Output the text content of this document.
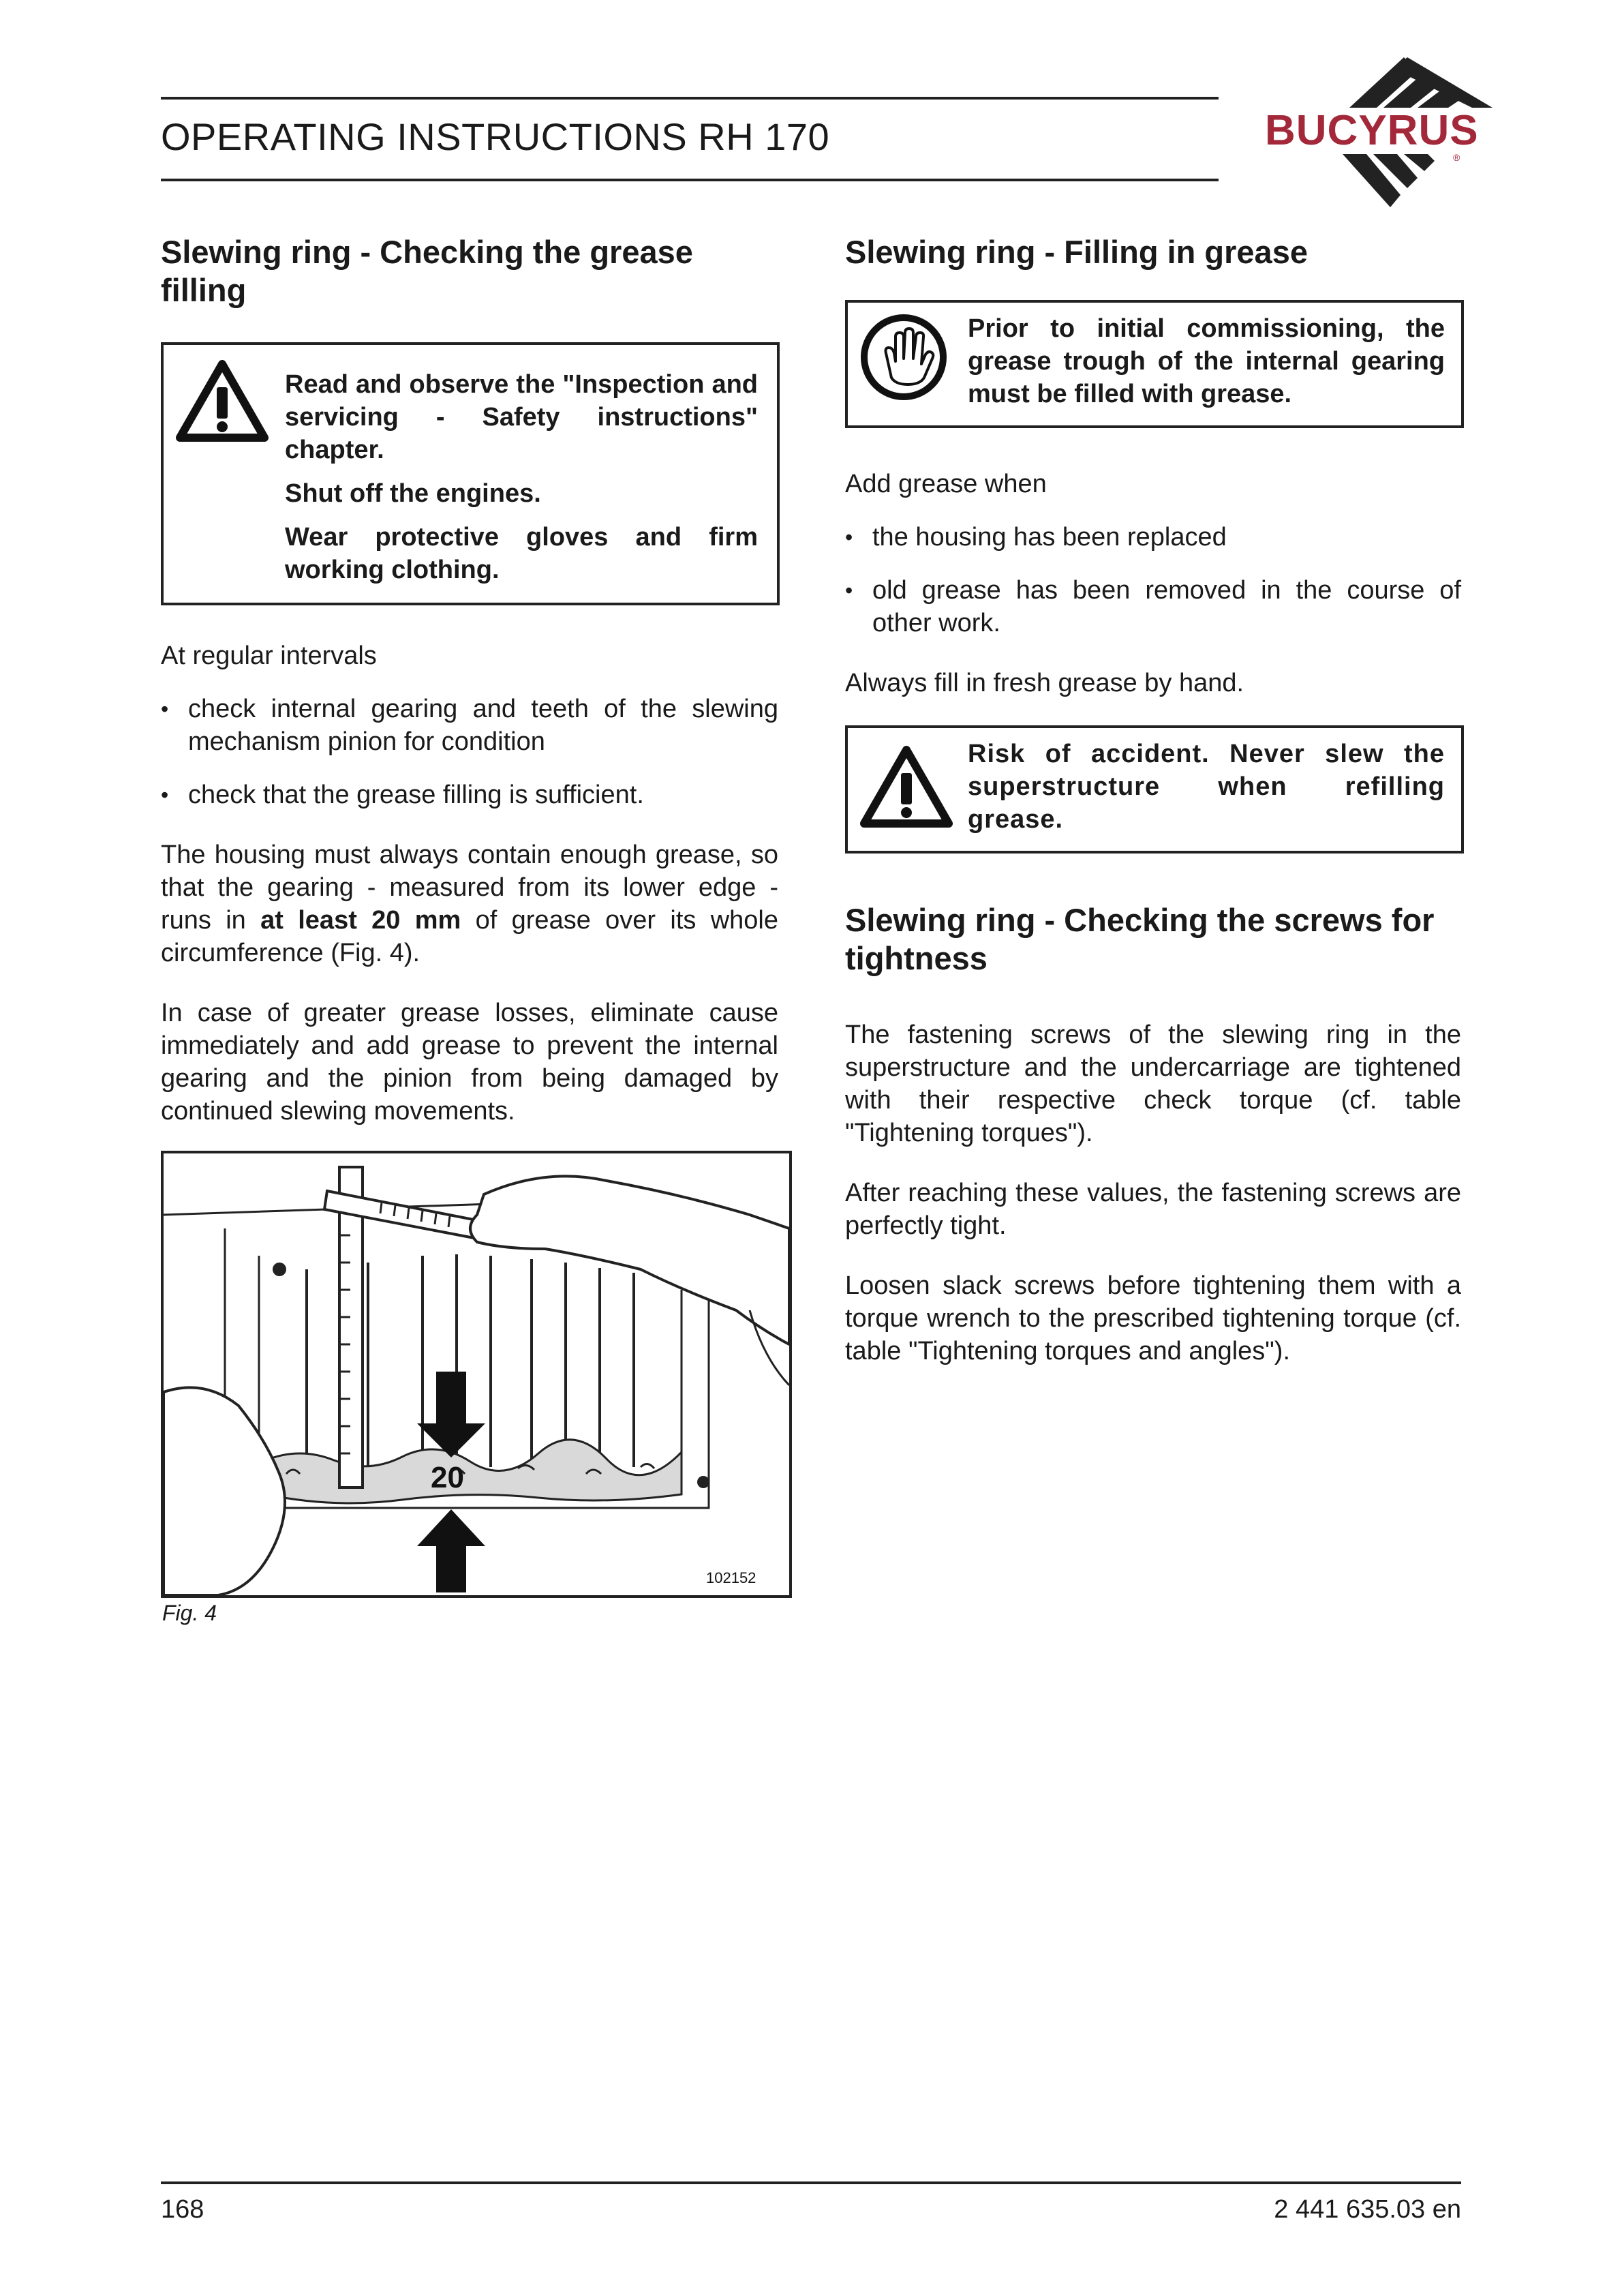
OPERATING INSTRUCTIONS RH 170	BUCYRUS
®
Slewing ring - Checking the grease filling

Read and observe the "Inspection and servicing - Safety instructions" chapter.

Shut off the engines.

Wear protective gloves and firm working clothing.

At regular intervals

• check internal gearing and teeth of the slewing mechanism pinion for condition

• check that the grease filling is sufficient.

The housing must always contain enough grease, so that the gearing - measured from its lower edge - runs in at least 20 mm of grease over its whole circumference (Fig. 4).

In case of greater grease losses, eliminate cause immediately and add grease to prevent the internal gearing and the pinion from being damaged by continued slewing movements.

20
102152
Fig. 4
Slewing ring - Filling in grease
Prior to initial commissioning, the grease trough of the internal gearing must be filled with grease.

Add grease when

• the housing has been replaced

• old grease has been removed in the course of other work.

Always fill in fresh grease by hand.

Risk of accident. Never slew the superstructure when refilling grease.
Slewing ring - Checking the screws for tightness

The fastening screws of the slewing ring in the superstructure and the undercarriage are tightened with their respective check torque (cf. table "Tightening torques").

After reaching these values, the fastening screws are perfectly tight.

Loosen slack screws before tightening them with a torque wrench to the prescribed tightening torque (cf. table "Tightening torques and angles").

168	2 441 635.03 en
